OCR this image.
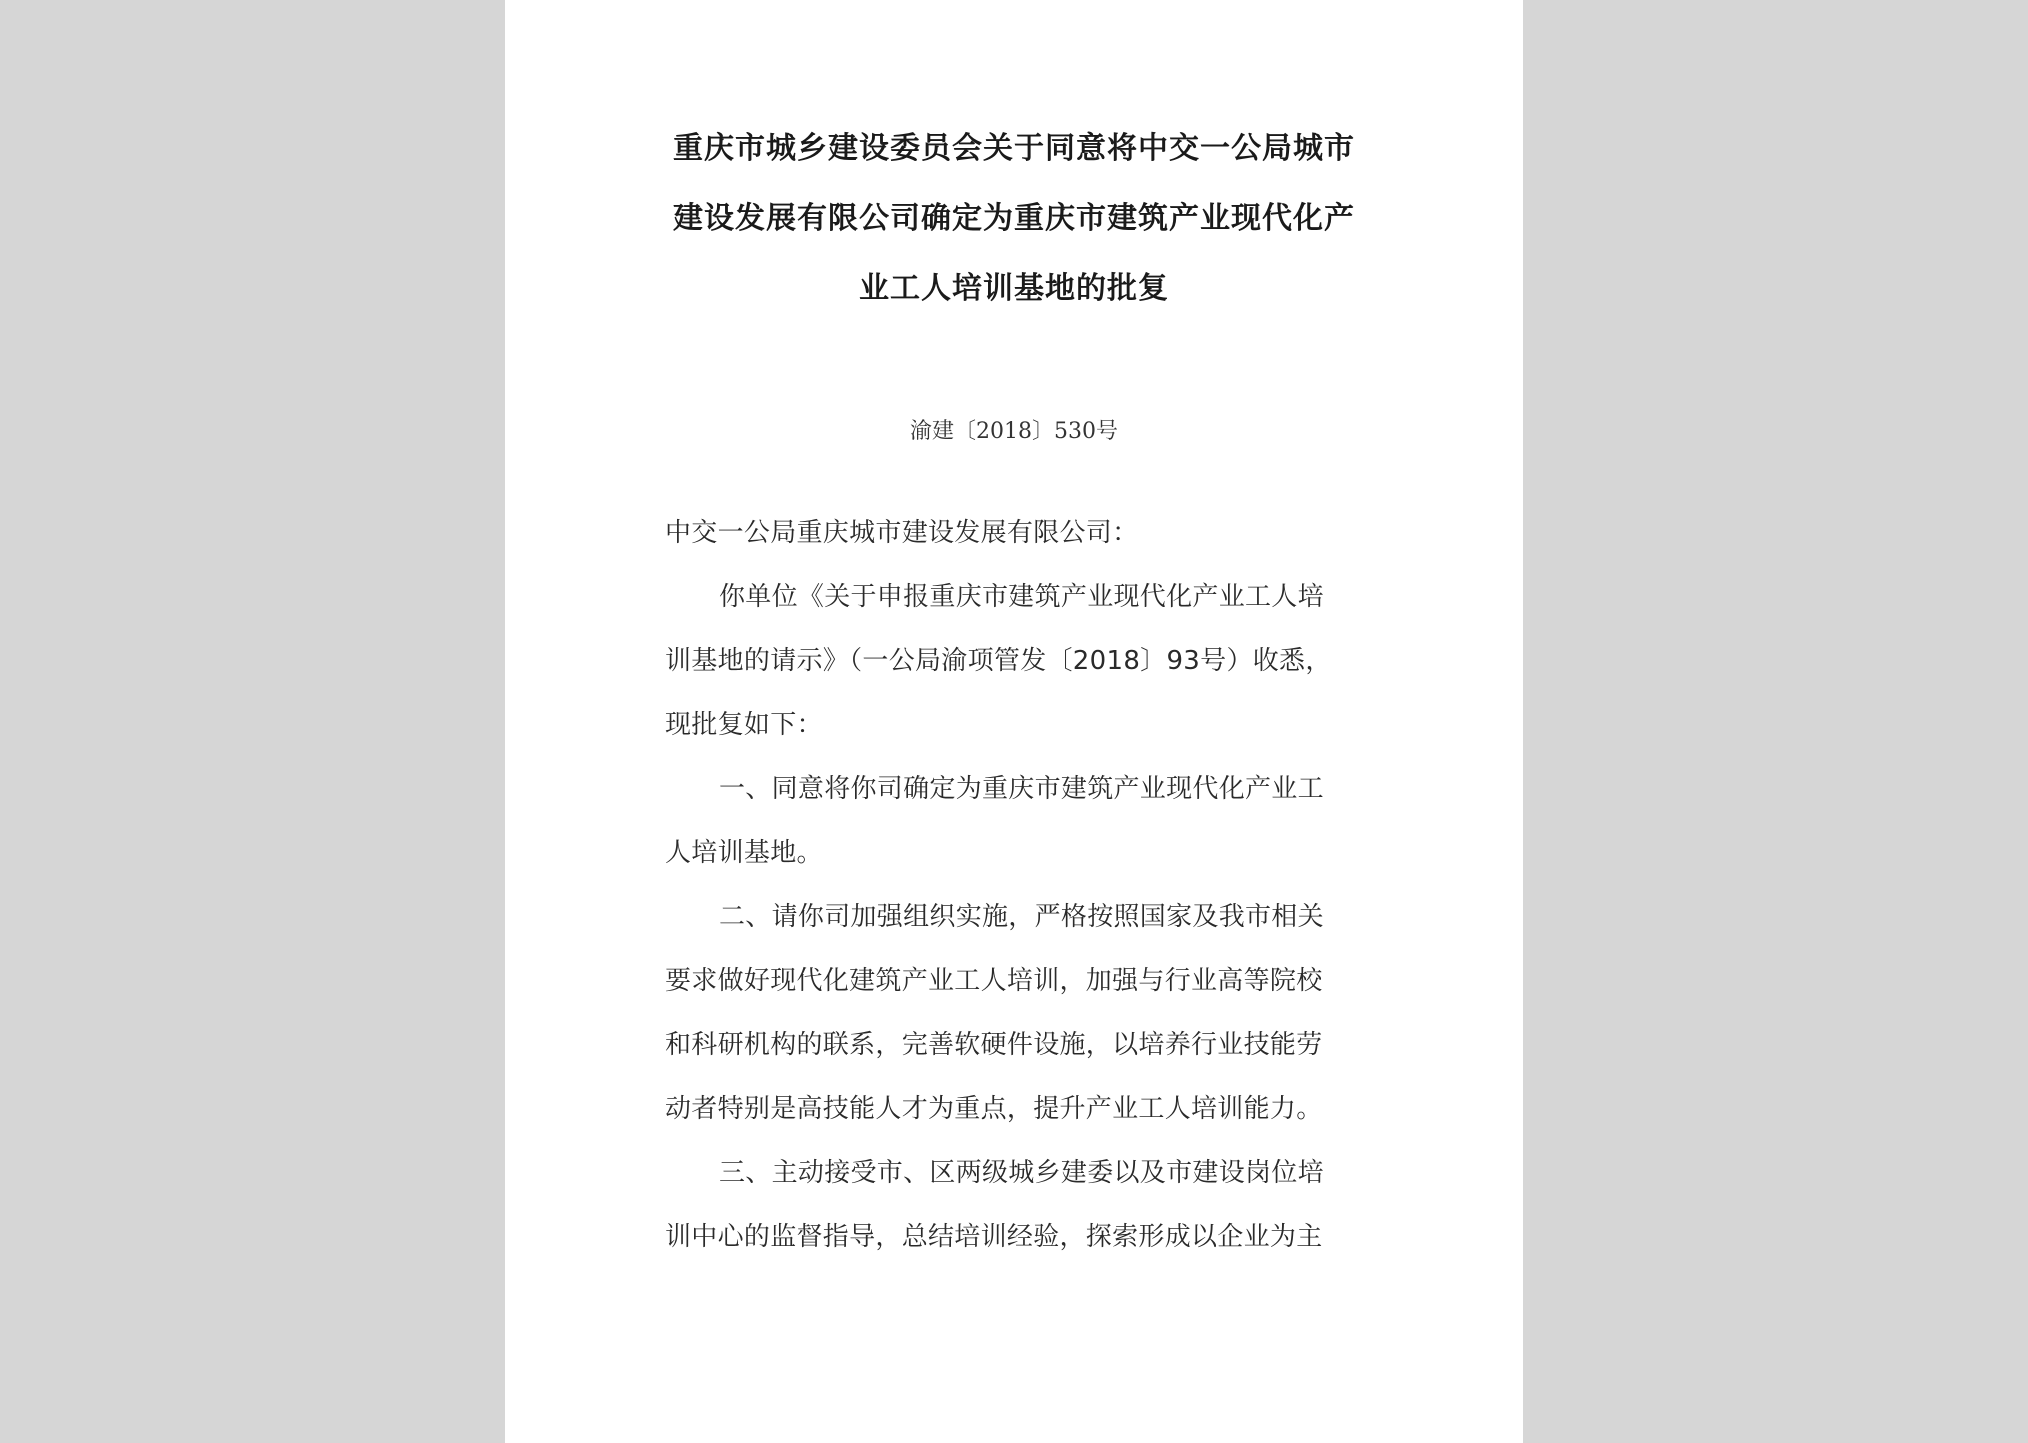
重庆市城乡建设委员会关于同意将中交一公局城市
建设发展有限公司确定为重庆市建筑产业现代化产
业工人培训基地的批复
渝建〔2018〕530号
中交一公局重庆城市建设发展有限公司：
你单位《关于申报重庆市建筑产业现代化产业工人培
训基地的请示》（一公局渝项管发〔2018〕93号）收悉，
现批复如下：
一、同意将你司确定为重庆市建筑产业现代化产业工
人培训基地。
二、请你司加强组织实施，严格按照国家及我市相关
要求做好现代化建筑产业工人培训，加强与行业高等院校
和科研机构的联系，完善软硬件设施，以培养行业技能劳
动者特别是高技能人才为重点，提升产业工人培训能力。
三、主动接受市、区两级城乡建委以及市建设岗位培
训中心的监督指导，总结培训经验，探索形成以企业为主
